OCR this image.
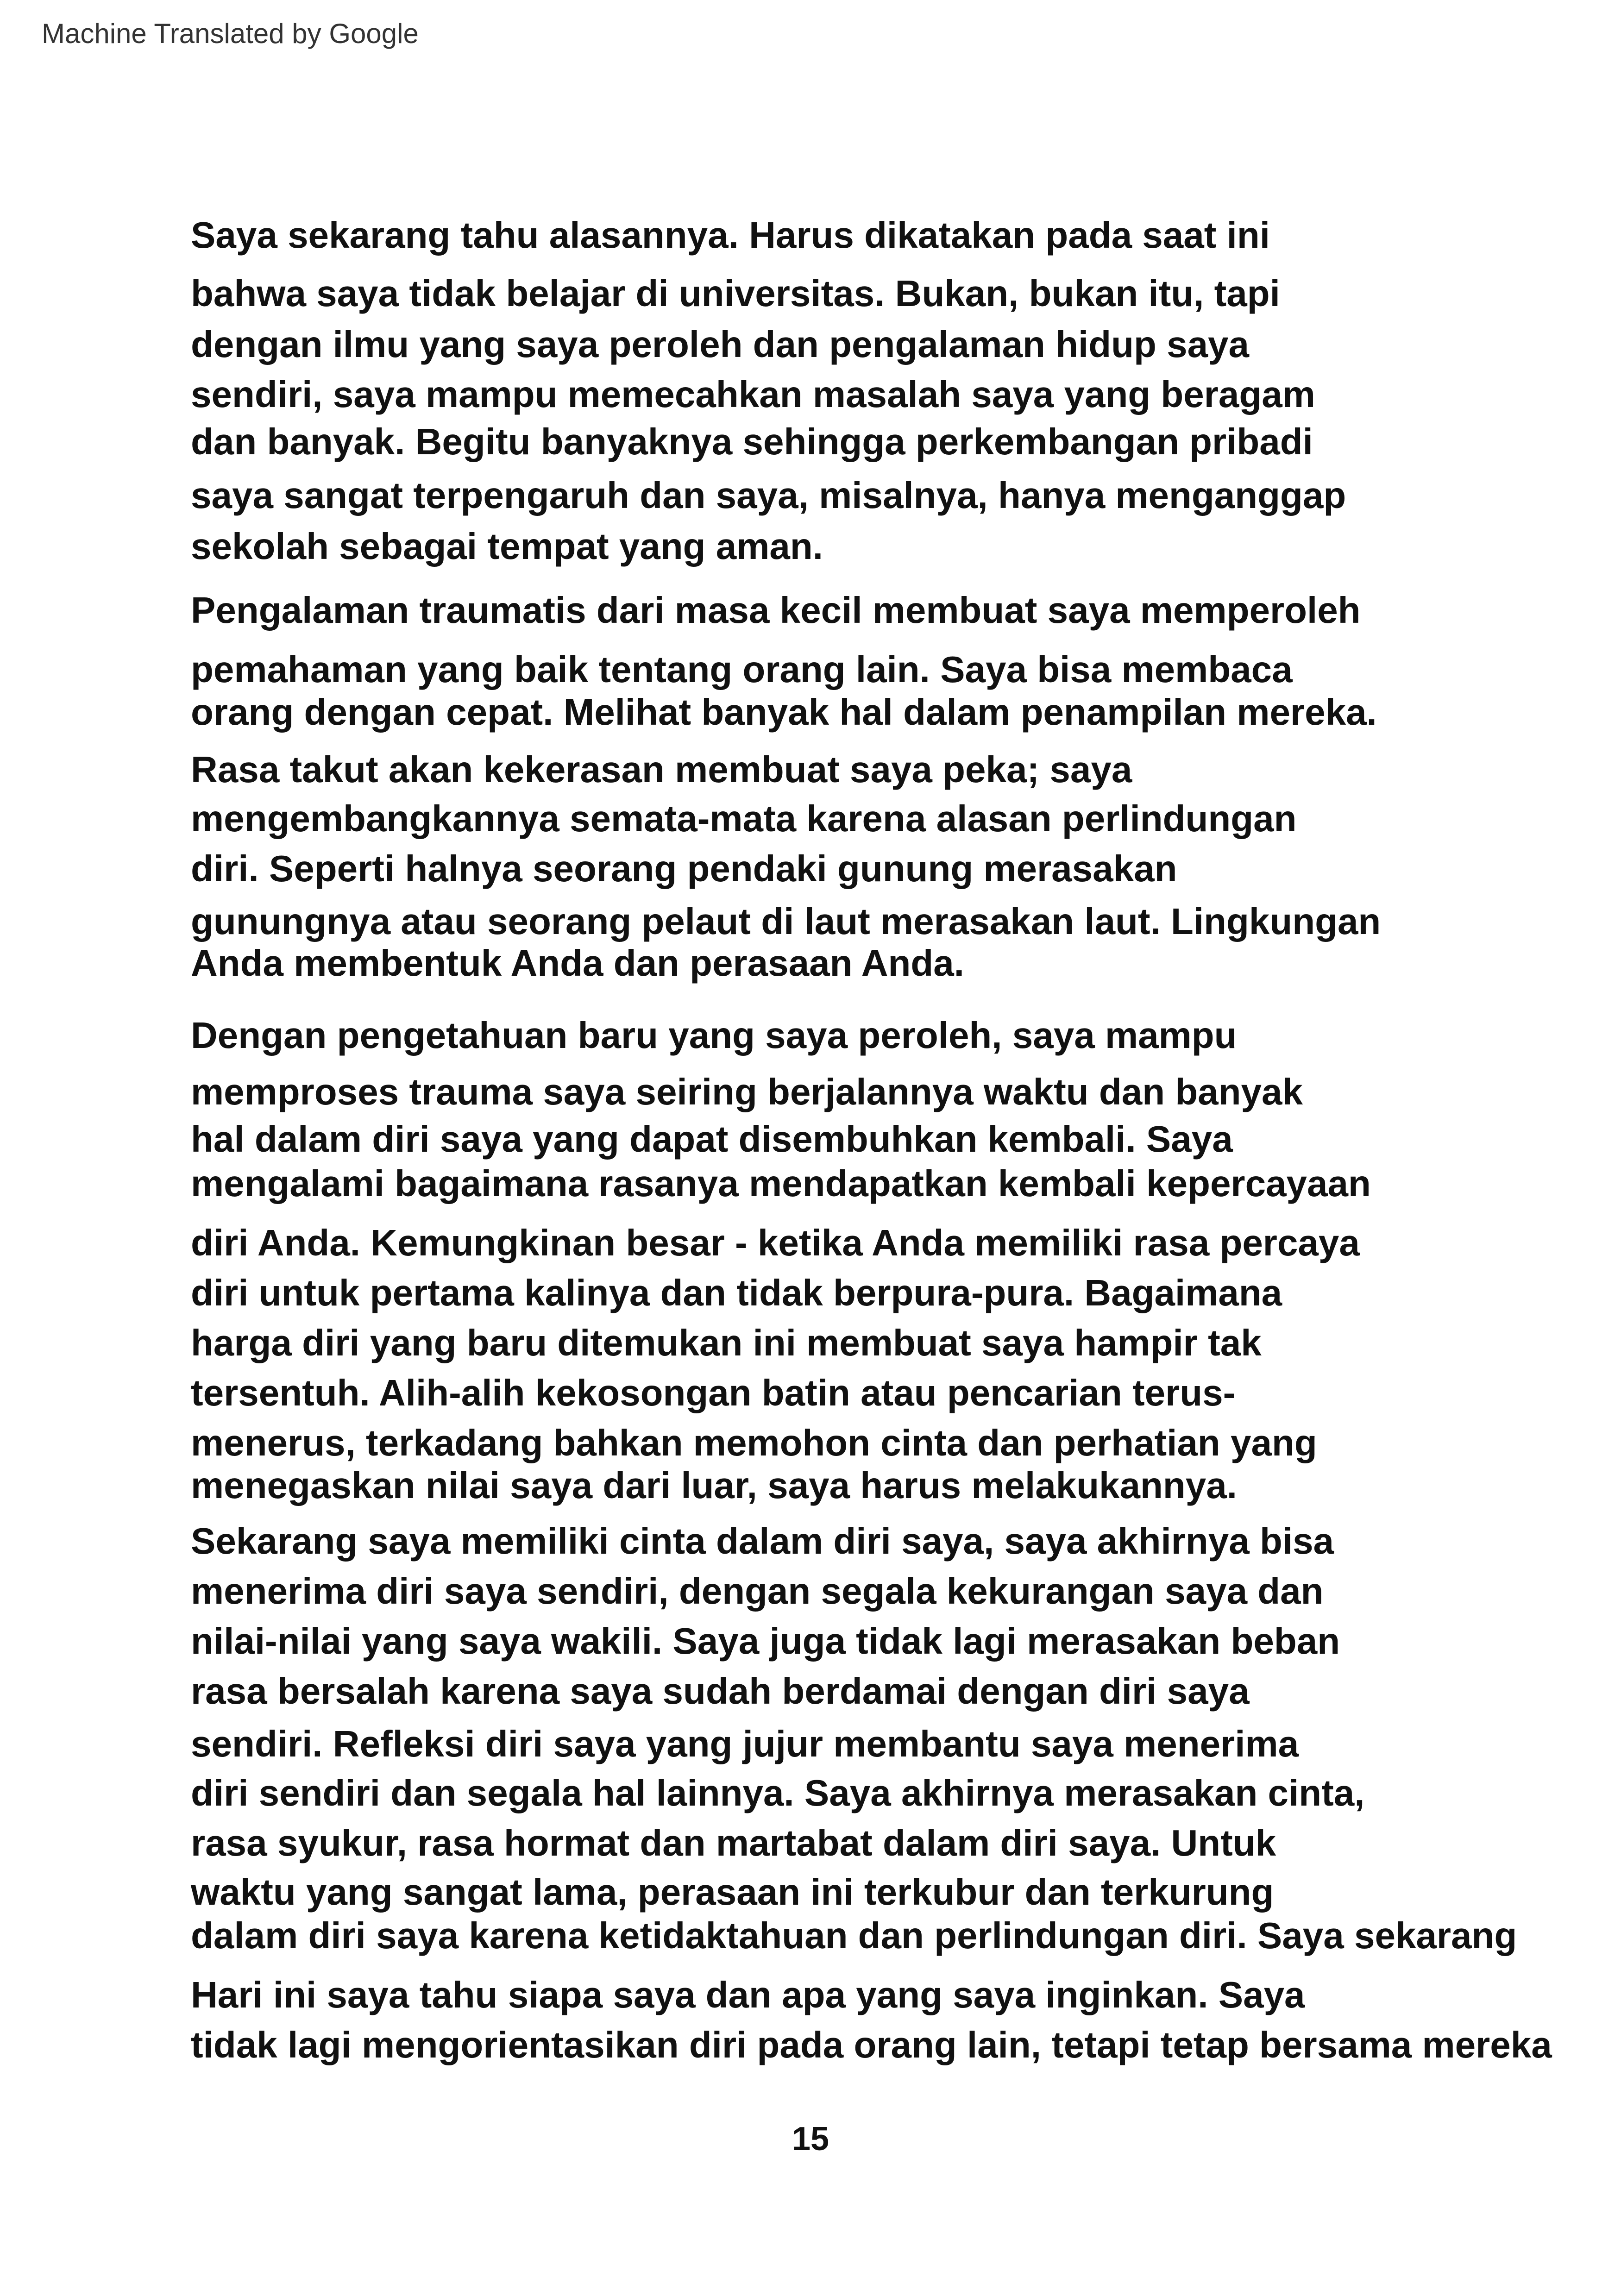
Machine Translated by Google
Saya sekarang tahu alasannya. Harus dikatakan pada saat ini
bahwa saya tidak belajar di universitas. Bukan, bukan itu, tapi
dengan ilmu yang saya peroleh dan pengalaman hidup saya
sendiri, saya mampu memecahkan masalah saya yang beragam
dan banyak. Begitu banyaknya sehingga perkembangan pribadi
saya sangat terpengaruh dan saya, misalnya, hanya menganggap
sekolah sebagai tempat yang aman.
Pengalaman traumatis dari masa kecil membuat saya memperoleh
pemahaman yang baik tentang orang lain. Saya bisa membaca
orang dengan cepat. Melihat banyak hal dalam penampilan mereka.
Rasa takut akan kekerasan membuat saya peka; saya
mengembangkannya semata-mata karena alasan perlindungan
diri. Seperti halnya seorang pendaki gunung merasakan
gunungnya atau seorang pelaut di laut merasakan laut. Lingkungan
Anda membentuk Anda dan perasaan Anda.
Dengan pengetahuan baru yang saya peroleh, saya mampu
memproses trauma saya seiring berjalannya waktu dan banyak
hal dalam diri saya yang dapat disembuhkan kembali. Saya
mengalami bagaimana rasanya mendapatkan kembali kepercayaan
diri Anda. Kemungkinan besar - ketika Anda memiliki rasa percaya
diri untuk pertama kalinya dan tidak berpura-pura. Bagaimana
harga diri yang baru ditemukan ini membuat saya hampir tak
tersentuh. Alih-alih kekosongan batin atau pencarian terus-
menerus, terkadang bahkan memohon cinta dan perhatian yang
menegaskan nilai saya dari luar, saya harus melakukannya.
Sekarang saya memiliki cinta dalam diri saya, saya akhirnya bisa
menerima diri saya sendiri, dengan segala kekurangan saya dan
nilai-nilai yang saya wakili. Saya juga tidak lagi merasakan beban
rasa bersalah karena saya sudah berdamai dengan diri saya
sendiri. Refleksi diri saya yang jujur membantu saya menerima
diri sendiri dan segala hal lainnya. Saya akhirnya merasakan cinta,
rasa syukur, rasa hormat dan martabat dalam diri saya. Untuk
waktu yang sangat lama, perasaan ini terkubur dan terkurung
dalam diri saya karena ketidaktahuan dan perlindungan diri. Saya sekarang
Hari ini saya tahu siapa saya dan apa yang saya inginkan. Saya
tidak lagi mengorientasikan diri pada orang lain, tetapi tetap bersama mereka
15
